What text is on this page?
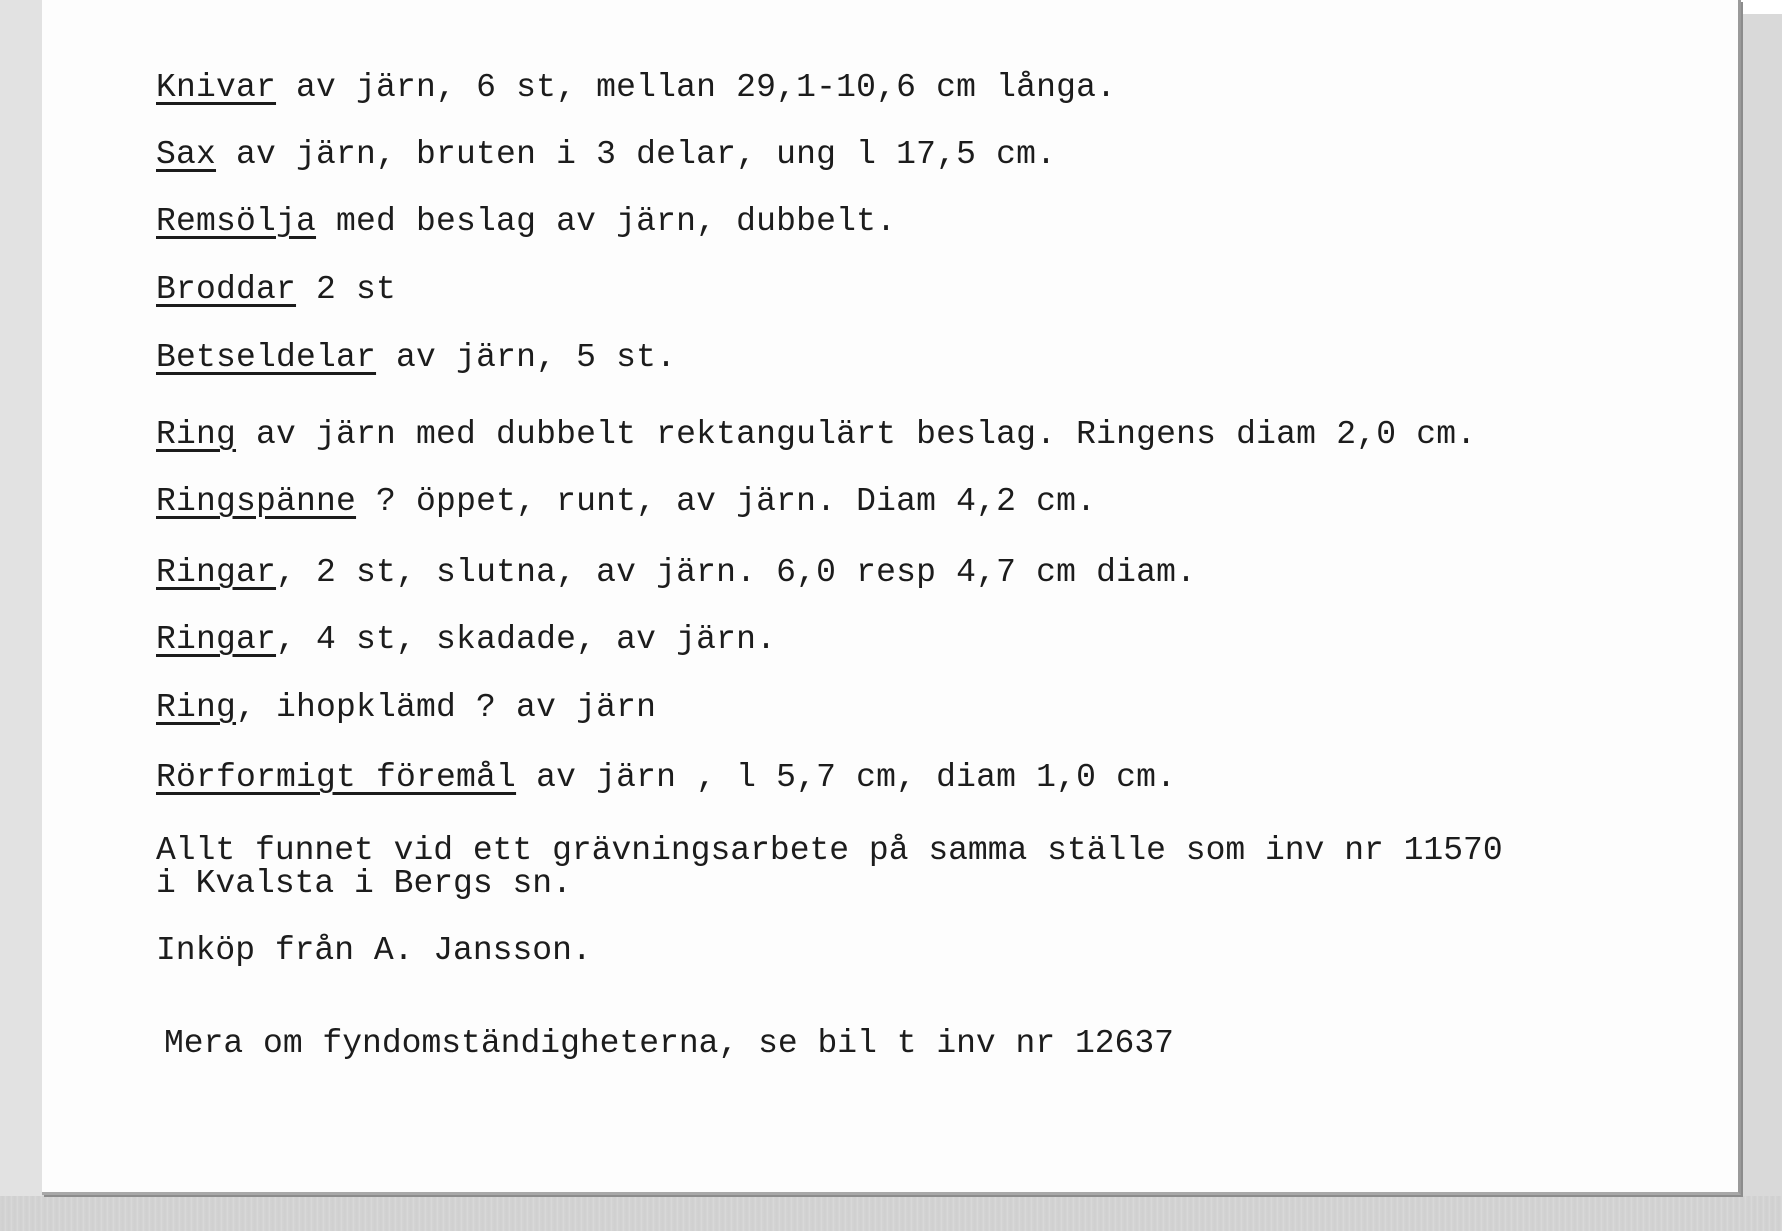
Knivar av järn, 6 st, mellan 29,1-10,6 cm långa.

Sax av järn, bruten i 3 delar, ung l 17,5 cm.

Remsölja med beslag av järn, dubbelt.

Broddar 2 st

Betseldelar av järn, 5 st.

Ring av järn med dubbelt rektangulärt beslag. Ringens diam 2,0 cm.

Ringspänne ? öppet, runt, av järn. Diam 4,2 cm.

Ringar, 2 st, slutna, av järn. 6,0 resp 4,7 cm diam.

Ringar, 4 st, skadade, av järn.

Ring, ihopklämd ? av järn

Rörformigt föremål av järn , l 5,7 cm, diam 1,0 cm.

Allt funnet vid ett grävningsarbete på samma ställe som inv nr 11570

i Kvalsta i Bergs sn.

Inköp från A. Jansson.

Mera om fyndomständigheterna, se bil t inv nr 12637
